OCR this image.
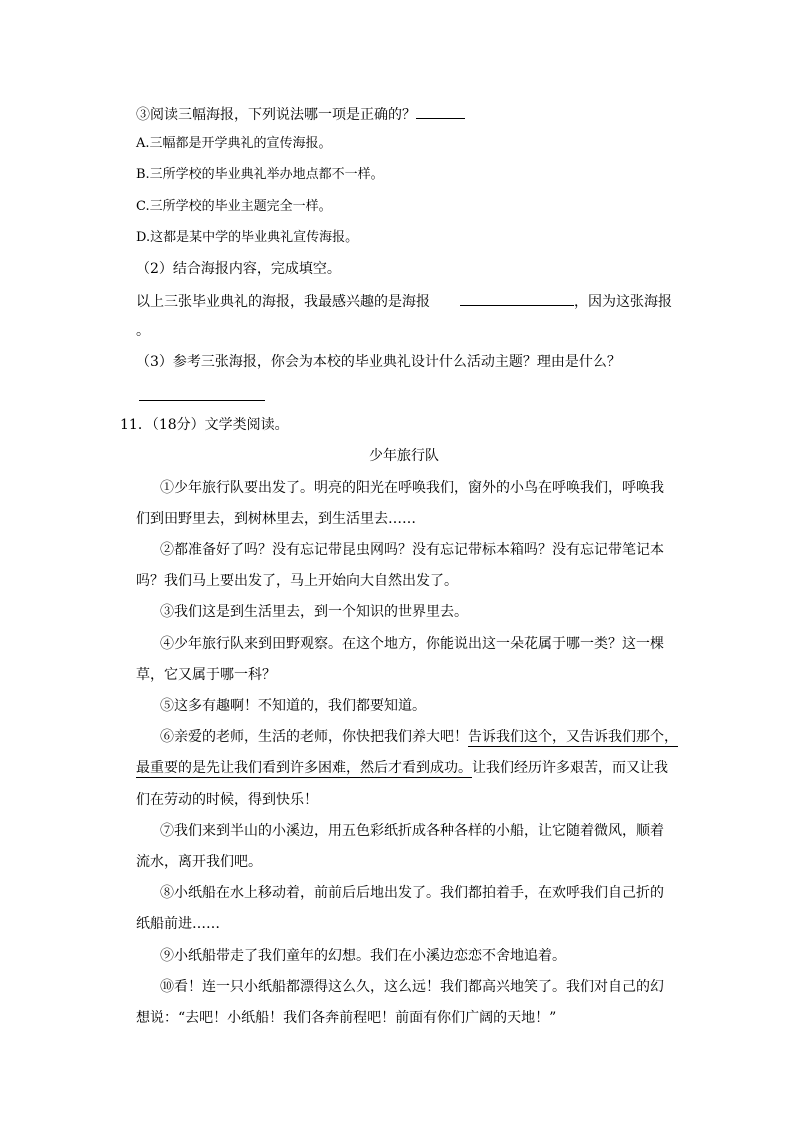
③阅读三幅海报，下列说法哪一项是正确的？
A.三幅都是开学典礼的宣传海报。
B.三所学校的毕业典礼举办地点都不一样。
C.三所学校的毕业主题完全一样。
D.这都是某中学的毕业典礼宣传海报。
（2）结合海报内容，完成填空。
以上三张毕业典礼的海报，我最感兴趣的是海报	，因为这张海报
。
（3）参考三张海报，你会为本校的毕业典礼设计什么活动主题？理由是什么？
11．（18分）文学类阅读。
少年旅行队
①少年旅行队要出发了。明亮的阳光在呼唤我们，窗外的小鸟在呼唤我们，呼唤我
们到田野里去，到树林里去，到生活里去……
②都准备好了吗？没有忘记带昆虫网吗？没有忘记带标本箱吗？没有忘记带笔记本
吗？我们马上要出发了，马上开始向大自然出发了。
③我们这是到生活里去，到一个知识的世界里去。
④少年旅行队来到田野观察。在这个地方，你能说出这一朵花属于哪一类？这一棵
草，它又属于哪一科？
⑤这多有趣啊！不知道的，我们都要知道。
⑥亲爱的老师，生活的老师，你快把我们养大吧！告诉我们这个，又告诉我们那个，
最重要的是先让我们看到许多困难，然后才看到成功。让我们经历许多艰苦，而又让我
们在劳动的时候，得到快乐！
⑦我们来到半山的小溪边，用五色彩纸折成各种各样的小船，让它随着微风，顺着
流水，离开我们吧。
⑧小纸船在水上移动着，前前后后地出发了。我们都拍着手，在欢呼我们自己折的
纸船前进……
⑨小纸船带走了我们童年的幻想。我们在小溪边恋恋不舍地追着。
⑩看！连一只小纸船都漂得这么久，这么远！我们都高兴地笑了。我们对自己的幻
想说：“去吧！小纸船！我们各奔前程吧！前面有你们广阔的天地！”
